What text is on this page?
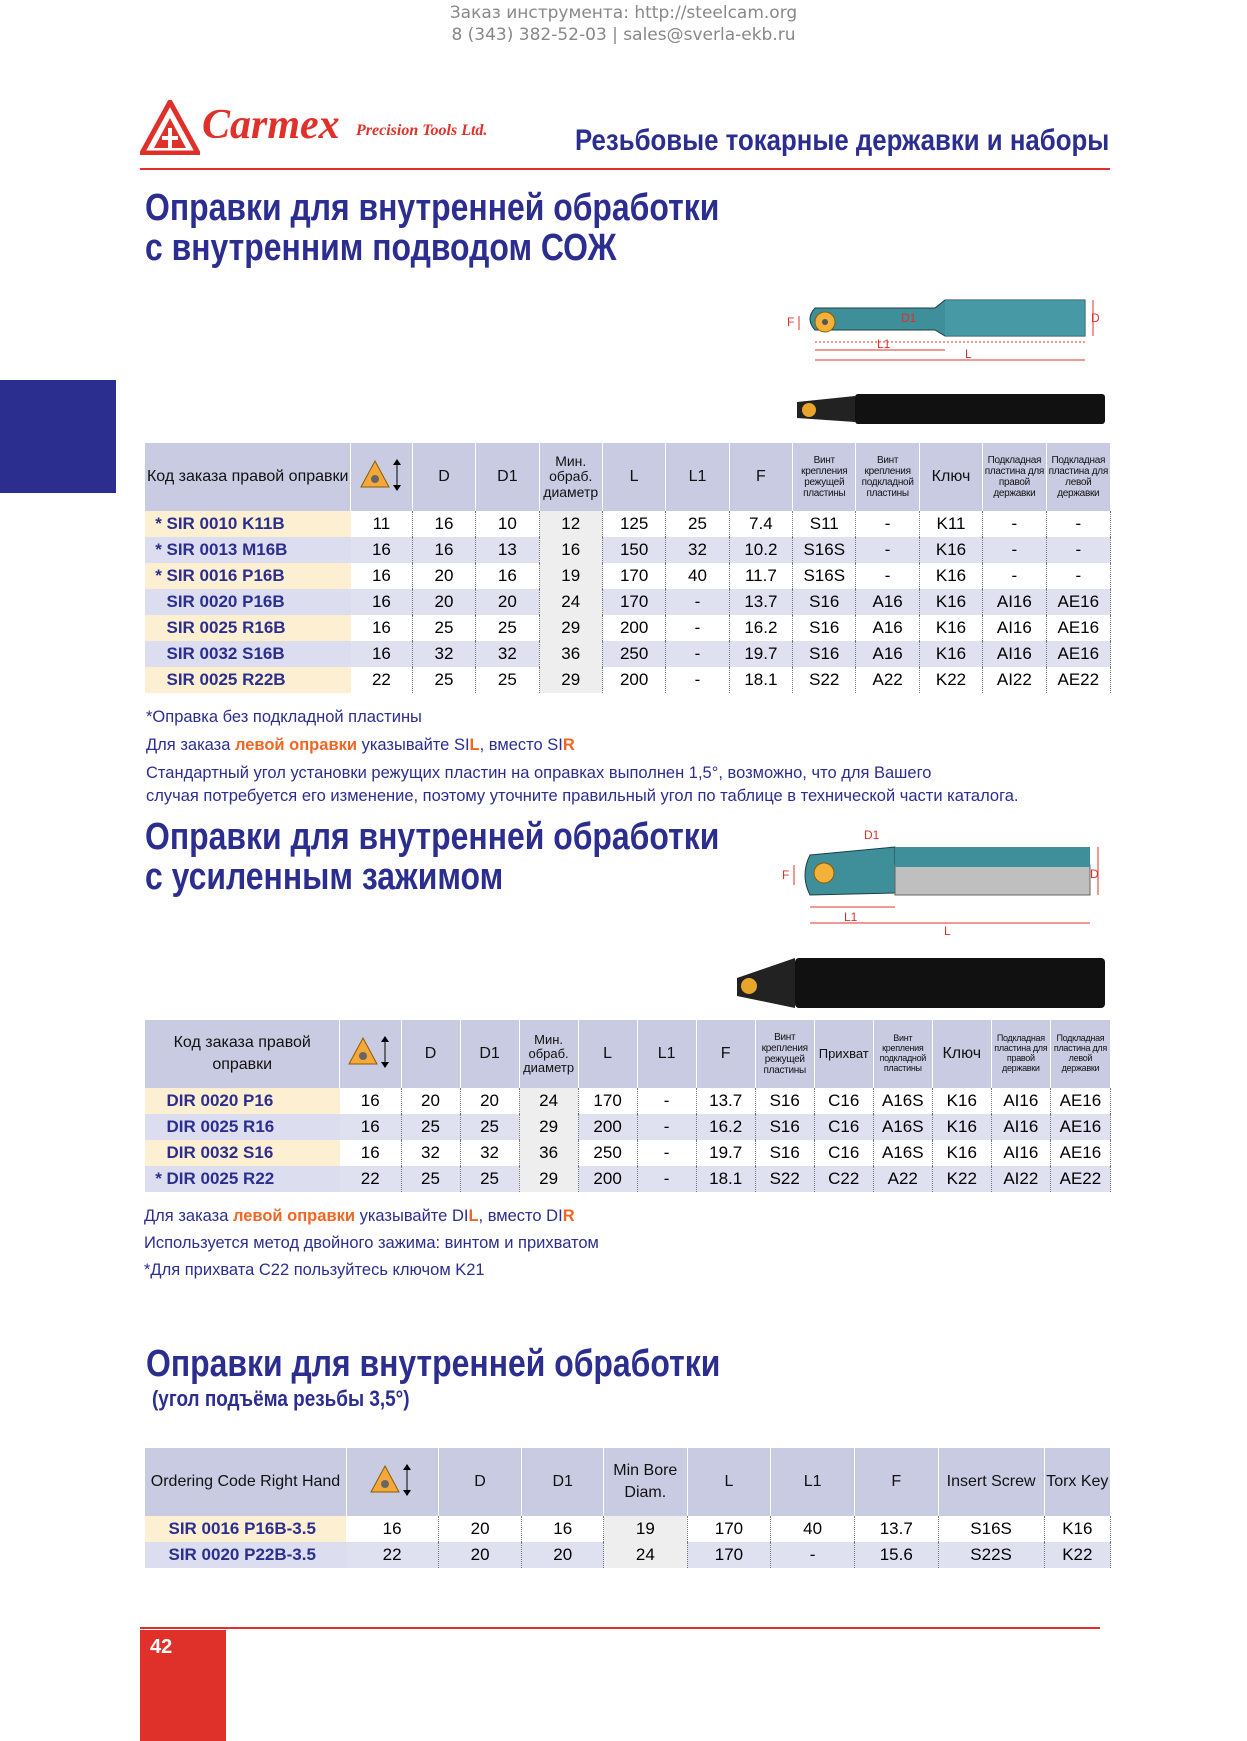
Заказ инструмента: http://steelcam.org
8 (343) 382-52-03 | sales@sverla-ekb.ru
Carmex Precision Tools Ltd.	Резьбовые токарные державки и наборы
Оправки для внутренней обработки
с внутренним подводом СОЖ
D1	D
F
L1
L
Код заказа правой оправки		D	D1	Мин. обраб. диаметр	L	L1	F	Винт крепления режущей пластины	Винт крепления подкладной пластины	Ключ	Подкладная пластина для правой державки	Подкладная пластина для левой державки
* SIR 0010 K11B	11	16	10	12	125	25	7.4	S11	-	K11	-	-
* SIR 0013 M16B	16	16	13	16	150	32	10.2	S16S	-	K16	-	-
* SIR 0016 P16B	16	20	16	19	170	40	11.7	S16S	-	K16	-	-
SIR 0020 P16B	16	20	20	24	170	-	13.7	S16	A16	K16	AI16	AE16
SIR 0025 R16B	16	25	25	29	200	-	16.2	S16	A16	K16	AI16	AE16
SIR 0032 S16B	16	32	32	36	250	-	19.7	S16	A16	K16	AI16	AE16
SIR 0025 R22B	22	25	25	29	200	-	18.1	S22	A22	K22	AI22	AE22
*Оправка без подкладной пластины
Для заказа левой оправки указывайте SIL, вместо SIR
Стандартный угол установки режущих пластин на оправках выполнен 1,5°, возможно, что для Вашего
случая потребуется его изменение, поэтому уточните правильный угол по таблице в технической части каталога.
Оправки для внутренней обработки
с усиленным зажимом
D1
D
F
L1
L
Код заказа правой оправки		D	D1	Мин. обраб. диаметр	L	L1	F	Винт крепления режущей пластины	Прихват	Винт крепления подкладной пластины	Ключ	Подкладная пластина для правой державки	Подкладная пластина для левой державки
DIR 0020 P16	16	20	20	24	170	-	13.7	S16	C16	A16S	K16	AI16	AE16
DIR 0025 R16	16	25	25	29	200	-	16.2	S16	C16	A16S	K16	AI16	AE16
DIR 0032 S16	16	32	32	36	250	-	19.7	S16	C16	A16S	K16	AI16	AE16
* DIR 0025 R22	22	25	25	29	200	-	18.1	S22	C22	A22	K22	AI22	AE22
Для заказа левой оправки указывайте DIL, вместо DIR
Используется метод двойного зажима: винтом и прихватом
*Для прихвата C22 пользуйтесь ключом K21
Оправки для внутренней обработки
(угол подъёма резьбы 3,5°)
Ordering Code Right Hand		D	D1	Min Bore Diam.	L	L1	F	Insert Screw	Torx Key
SIR 0016 P16B-3.5	16	20	16	19	170	40	13.7	S16S	K16
SIR 0020 P22B-3.5	22	20	20	24	170	-	15.6	S22S	K22
42
